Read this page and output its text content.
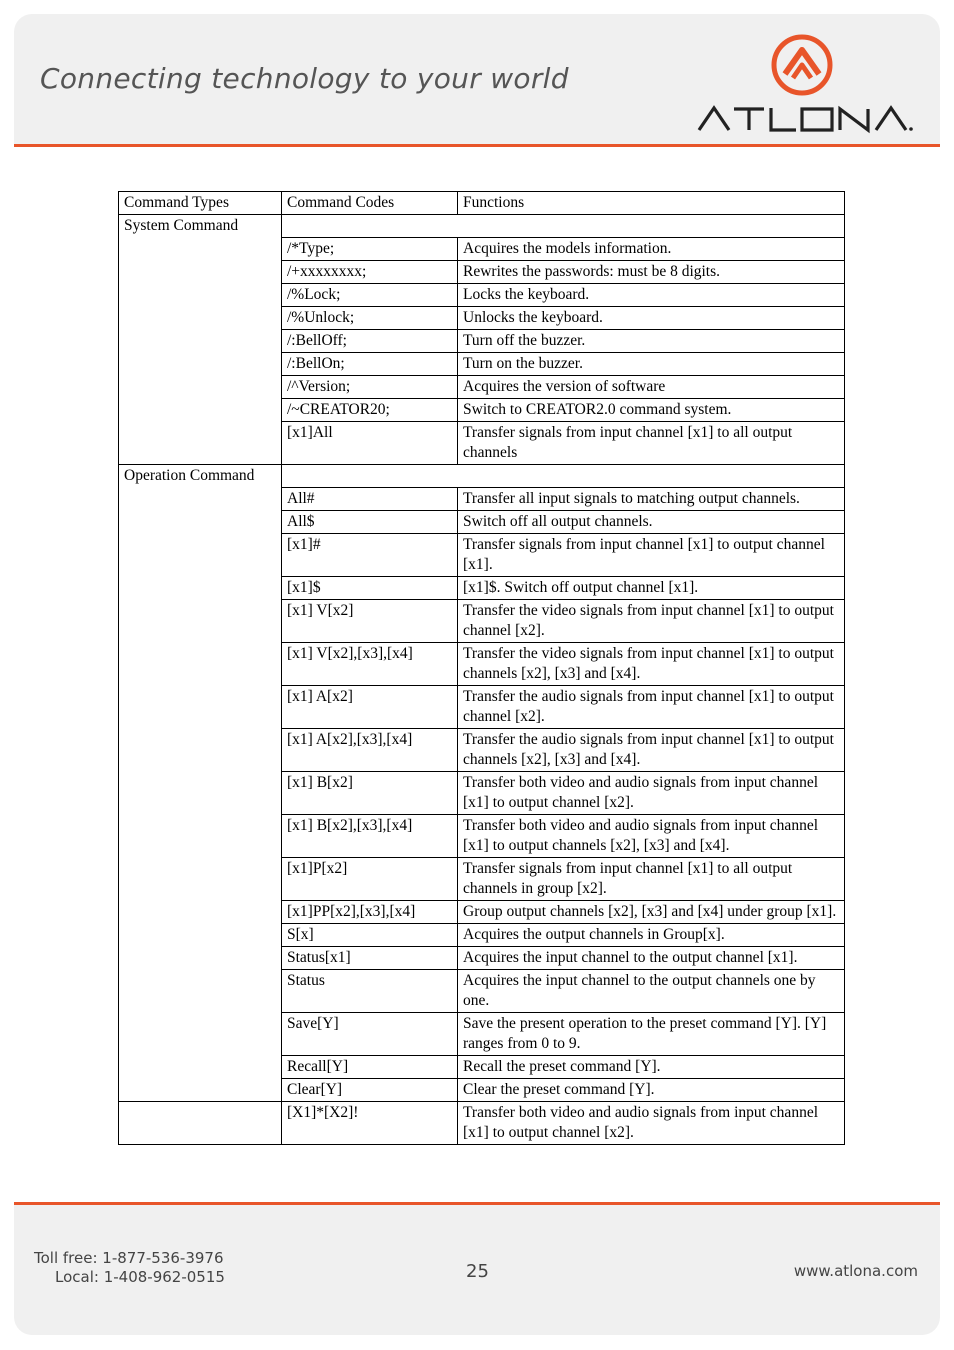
Connecting technology to your world
ATLONA
Command Types	Command Codes	Functions
System Command		
	/*Type;	Acquires the models information.
	/+xxxxxxxx;	Rewrites the passwords: must be 8 digits.
	/%Lock;	Locks the keyboard.
	/%Unlock;	Unlocks the keyboard.
	/:BellOff;	Turn off the buzzer.
	/:BellOn;	Turn on the buzzer.
	/^Version;	Acquires the version of software
	/~CREATOR20;	Switch to CREATOR2.0 command system.
	[x1]All	Transfer signals from input channel [x1] to all output channels
Operation Command		
	All#	Transfer all input signals to matching output channels.
	All$	Switch off all output channels.
	[x1]#	Transfer signals from input channel [x1] to output channel [x1].
	[x1]$	[x1]$. Switch off output channel [x1].
	[x1] V[x2]	Transfer the video signals from input channel [x1] to output channel [x2].
	[x1] V[x2],[x3],[x4]	Transfer the video signals from input channel [x1] to output channels [x2], [x3] and [x4].
	[x1] A[x2]	Transfer the audio signals from input channel [x1] to output channel [x2].
	[x1] A[x2],[x3],[x4]	Transfer the audio signals from input channel [x1] to output channels [x2], [x3] and [x4].
	[x1] B[x2]	Transfer both video and audio signals from input channel [x1] to output channel [x2].
	[x1] B[x2],[x3],[x4]	Transfer both video and audio signals from input channel [x1] to output channels [x2], [x3] and [x4].
	[x1]P[x2]	Transfer signals from input channel [x1] to all output channels in group [x2].
	[x1]PP[x2],[x3],[x4]	Group output channels [x2], [x3] and [x4] under group [x1].
	S[x]	Acquires the output channels in Group[x].
	Status[x1]	Acquires the input channel to the output channel [x1].
	Status	Acquires the input channel to the output channels one by one.
	Save[Y]	Save the present operation to the preset command [Y]. [Y] ranges from 0 to 9.
	Recall[Y]	Recall the preset command [Y].
	Clear[Y]	Clear the preset command [Y].
	[X1]*[X2]!	Transfer both video and audio signals from input channel [x1] to output channel [x2].
Toll free: 1-877-536-3976
Local: 1-408-962-0515	25	www.atlona.com
